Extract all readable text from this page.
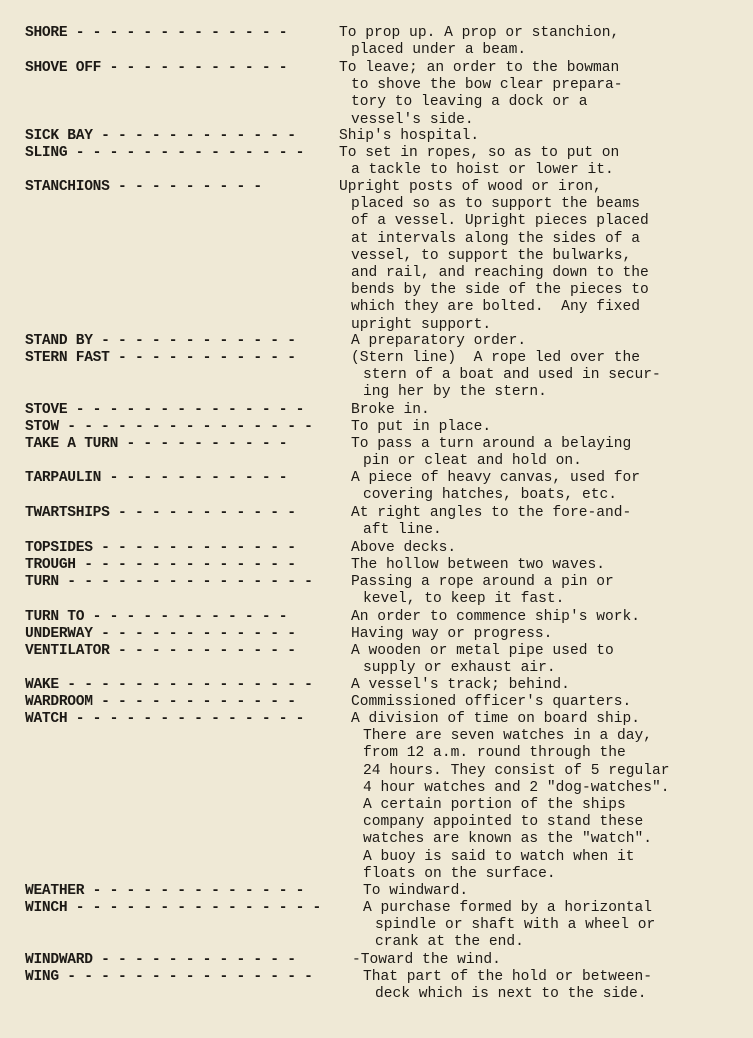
SHORE - - - - - - - - - - - - -	To prop up. A prop or stanchion,
placed under a beam.
SHOVE OFF - - - - - - - - - - -	To leave; an order to the bowman
to shove the bow clear prepara-
tory to leaving a dock or a
vessel's side.
SICK BAY - - - - - - - - - - - -	Ship's hospital.
SLING - - - - - - - - - - - - - - To set in ropes, so as to put on
a tackle to hoist or lower it.
STANCHIONS - - - - - - - - -	Upright posts of wood or iron,
placed so as to support the beams
of a vessel. Upright pieces placed
at intervals along the sides of a
vessel, to support the bulwarks,
and rail, and reaching down to the
bends by the side of the pieces to
which they are bolted.  Any fixed
upright support.
STAND BY - - - - - - - - - - - -	A preparatory order.
STERN FAST - - - - - - - - - - -	(Stern line)  A rope led over the
stern of a boat and used in secur-
ing her by the stern.
STOVE - - - - - - - - - - - - - -	Broke in.
STOW - - - - - - - - - - - - - - -	To put in place.
TAKE A TURN - - - - - - - - - -	To pass a turn around a belaying
pin or cleat and hold on.
TARPAULIN - - - - - - - - - - -	A piece of heavy canvas, used for
covering hatches, boats, etc.
TWARTSHIPS - - - - - - - - - - -	At right angles to the fore-and-
aft line.
TOPSIDES - - - - - - - - - - - -	Above decks.
TROUGH - - - - - - - - - - - - -	The hollow between two waves.
TURN - - - - - - - - - - - - - - -	Passing a rope around a pin or
kevel, to keep it fast.
TURN TO - - - - - - - - - - - -	An order to commence ship's work.
UNDERWAY - - - - - - - - - - - -	Having way or progress.
VENTILATOR - - - - - - - - - - -	A wooden or metal pipe used to
supply or exhaust air.
WAKE - - - - - - - - - - - - - - -	A vessel's track; behind.
WARDROOM - - - - - - - - - - - -	Commissioned officer's quarters.
WATCH - - - - - - - - - - - - - -	A division of time on board ship.
There are seven watches in a day,
from 12 a.m. round through the
24 hours. They consist of 5 regular
4 hour watches and 2 "dog-watches".
A certain portion of the ships
company appointed to stand these
watches are known as the "watch".
A buoy is said to watch when it
floats on the surface.
WEATHER - - - - - - - - - - - - -	To windward.
WINCH - - - - - - - - - - - - - - -	A purchase formed by a horizontal
spindle or shaft with a wheel or
crank at the end.
WINDWARD - - - - - - - - - - - -	-Toward the wind.
WING - - - - - - - - - - - - - - -	That part of the hold or between-
deck which is next to the side.
